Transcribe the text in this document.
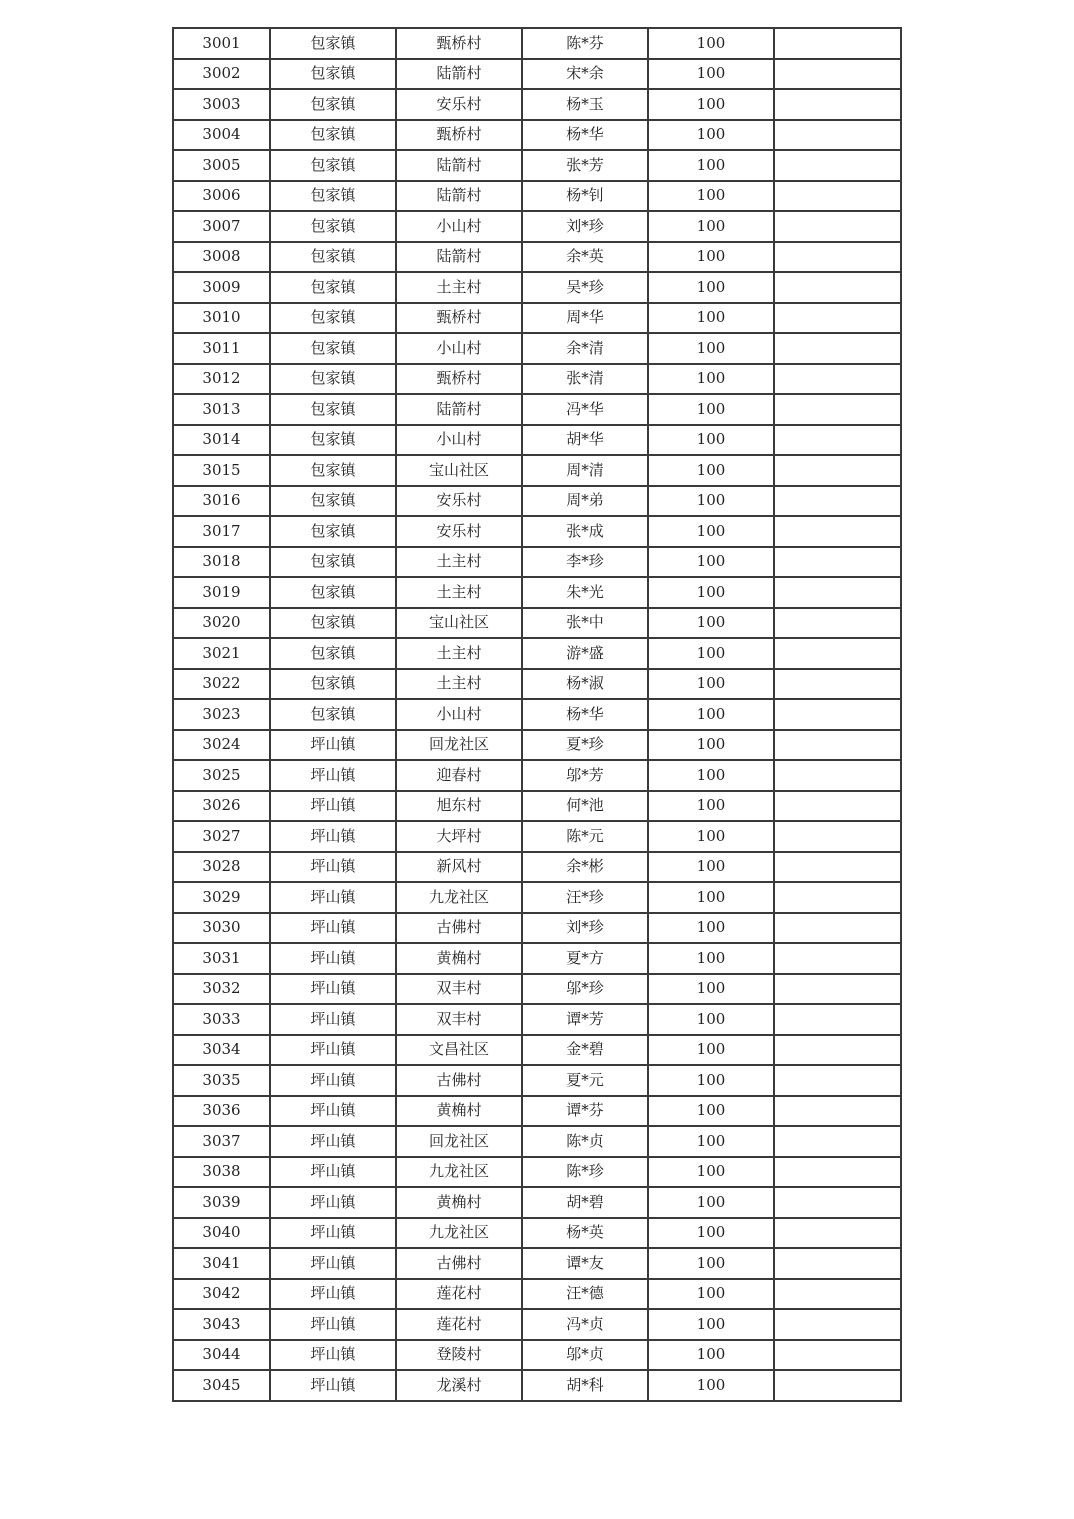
3001	包家镇	甄桥村	陈*芬	100	
3002	包家镇	陆箭村	宋*余	100	
3003	包家镇	安乐村	杨*玉	100	
3004	包家镇	甄桥村	杨*华	100	
3005	包家镇	陆箭村	张*芳	100	
3006	包家镇	陆箭村	杨*钊	100	
3007	包家镇	小山村	刘*珍	100	
3008	包家镇	陆箭村	余*英	100	
3009	包家镇	土主村	吴*珍	100	
3010	包家镇	甄桥村	周*华	100	
3011	包家镇	小山村	余*清	100	
3012	包家镇	甄桥村	张*清	100	
3013	包家镇	陆箭村	冯*华	100	
3014	包家镇	小山村	胡*华	100	
3015	包家镇	宝山社区	周*清	100	
3016	包家镇	安乐村	周*弟	100	
3017	包家镇	安乐村	张*成	100	
3018	包家镇	土主村	李*珍	100	
3019	包家镇	土主村	朱*光	100	
3020	包家镇	宝山社区	张*中	100	
3021	包家镇	土主村	游*盛	100	
3022	包家镇	土主村	杨*淑	100	
3023	包家镇	小山村	杨*华	100	
3024	坪山镇	回龙社区	夏*珍	100	
3025	坪山镇	迎春村	邬*芳	100	
3026	坪山镇	旭东村	何*池	100	
3027	坪山镇	大坪村	陈*元	100	
3028	坪山镇	新风村	余*彬	100	
3029	坪山镇	九龙社区	汪*珍	100	
3030	坪山镇	古佛村	刘*珍	100	
3031	坪山镇	黄桷村	夏*方	100	
3032	坪山镇	双丰村	邬*珍	100	
3033	坪山镇	双丰村	谭*芳	100	
3034	坪山镇	文昌社区	金*碧	100	
3035	坪山镇	古佛村	夏*元	100	
3036	坪山镇	黄桷村	谭*芬	100	
3037	坪山镇	回龙社区	陈*贞	100	
3038	坪山镇	九龙社区	陈*珍	100	
3039	坪山镇	黄桷村	胡*碧	100	
3040	坪山镇	九龙社区	杨*英	100	
3041	坪山镇	古佛村	谭*友	100	
3042	坪山镇	莲花村	汪*德	100	
3043	坪山镇	莲花村	冯*贞	100	
3044	坪山镇	登陵村	邬*贞	100	
3045	坪山镇	龙溪村	胡*科	100	
